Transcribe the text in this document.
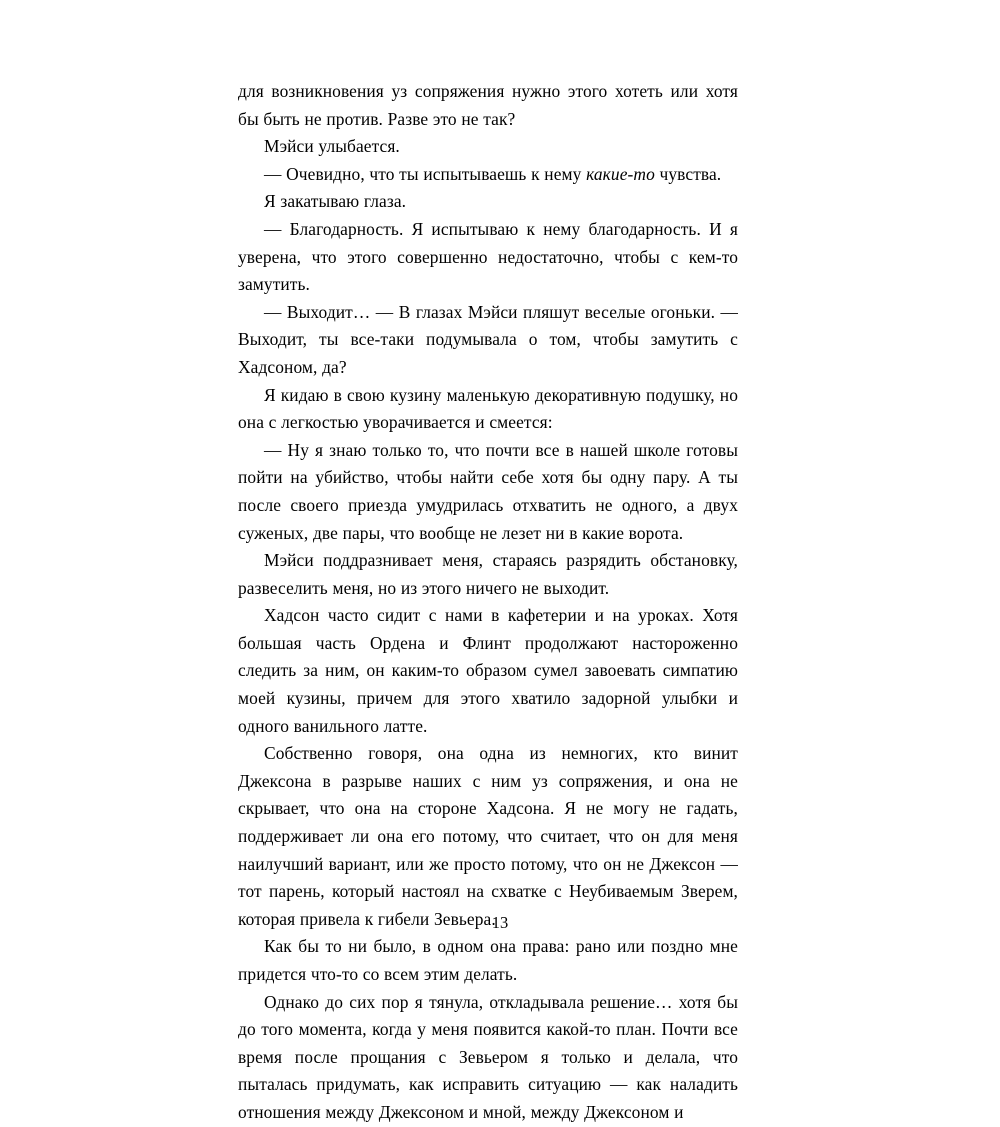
для возникновения уз сопряжения нужно этого хотеть или хотя бы быть не против. Разве это не так?

Мэйси улыбается.

— Очевидно, что ты испытываешь к нему какие-то чувства.

Я закатываю глаза.

— Благодарность. Я испытываю к нему благодарность. И я уверена, что этого совершенно недостаточно, чтобы с кем-то замутить.

— Выходит… — В глазах Мэйси пляшут веселые огоньки. — Выходит, ты все-таки подумывала о том, чтобы замутить с Хадсоном, да?

Я кидаю в свою кузину маленькую декоративную подушку, но она с легкостью уворачивается и смеется:

— Ну я знаю только то, что почти все в нашей школе готовы пойти на убийство, чтобы найти себе хотя бы одну пару. А ты после своего приезда умудрилась отхватить не одного, а двух суженых, две пары, что вообще не лезет ни в какие ворота.

Мэйси поддразнивает меня, стараясь разрядить обстановку, развеселить меня, но из этого ничего не выходит.

Хадсон часто сидит с нами в кафетерии и на уроках. Хотя большая часть Ордена и Флинт продолжают настороженно следить за ним, он каким-то образом сумел завоевать симпатию моей кузины, причем для этого хватило задорной улыбки и одного ванильного латте.

Собственно говоря, она одна из немногих, кто винит Джексона в разрыве наших с ним уз сопряжения, и она не скрывает, что она на стороне Хадсона. Я не могу не гадать, поддерживает ли она его потому, что считает, что он для меня наилучший вариант, или же просто потому, что он не Джексон — тот парень, который настоял на схватке с Неубиваемым Зверем, которая привела к гибели Зевьера.

Как бы то ни было, в одном она права: рано или поздно мне придется что-то со всем этим делать.

Однако до сих пор я тянула, откладывала решение… хотя бы до того момента, когда у меня появится какой-то план. Почти все время после прощания с Зевьером я только и делала, что пыталась придумать, как исправить ситуацию — как наладить отношения между Джексоном и мной, между Джексоном и

13
